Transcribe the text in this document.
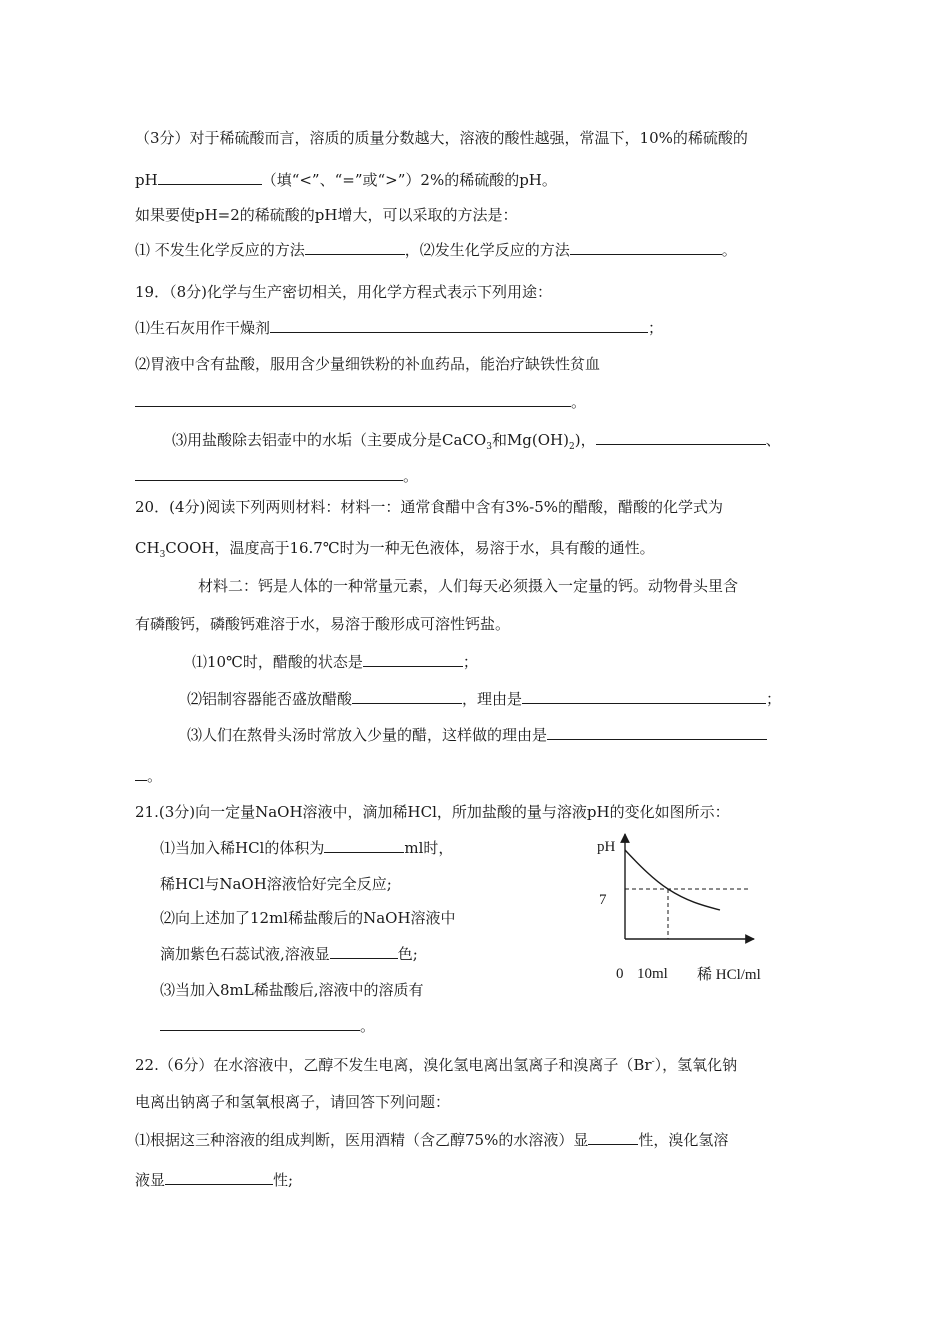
（3分）对于稀硫酸而言，溶质的质量分数越大，溶液的酸性越强，常温下，10%的稀硫酸的
pH	（填“<”、“=”或“>”）2%的稀硫酸的pH。
如果要使pH=2的稀硫酸的pH增大，可以采取的方法是：
⑴ 不发生化学反应的方法	，⑵发生化学反应的方法	。
19．（8分)化学与生产密切相关，用化学方程式表示下列用途：
⑴生石灰用作干燥剂	；
⑵胃液中含有盐酸，服用含少量细铁粉的补血药品，能治疗缺铁性贫血
。
⑶用盐酸除去铝壶中的水垢（主要成分是CaCO$_3$和$Mg(OH)_2$)，	、
。
20．(4分)阅读下列两则材料：材料一：通常食醋中含有3%-5%的醋酸，醋酸的化学式为
$CH_3COOH$，温度高于16.7℃时为一种无色液体，易溶于水，具有酸的通性。
材料二：钙是人体的一种常量元素，人们每天必须摄入一定量的钙。动物骨头里含
有磷酸钙，磷酸钙难溶于水，易溶于酸形成可溶性钙盐。
⑴10℃时，醋酸的状态是	；
⑵铝制容器能否盛放醋酸	，理由是	；
⑶人们在熬骨头汤时常放入少量的醋，这样做的理由是
。
21.(3分)向一定量NaOH溶液中，滴加稀HCl，所加盐酸的量与溶液pH的变化如图所示：
⑴当加入稀HCl的体积为	ml时，
稀HCl与NaOH溶液恰好完全反应;
⑵向上述加了12ml稀盐酸后的NaOH溶液中
滴加紫色石蕊试液,溶液显	色;
⑶当加入8mL稀盐酸后,溶液中的溶质有
。
pH
7
0 10ml 稀 HCl/ml
22.（6分）在水溶液中，乙醇不发生电离，溴化氢电离出氢离子和溴离子（Br-），氢氧化钠
电离出钠离子和氢氧根离子，请回答下列问题：
⑴根据这三种溶液的组成判断，医用酒精（含乙醇75%的水溶液）显	性，溴化氢溶
液显	性;
